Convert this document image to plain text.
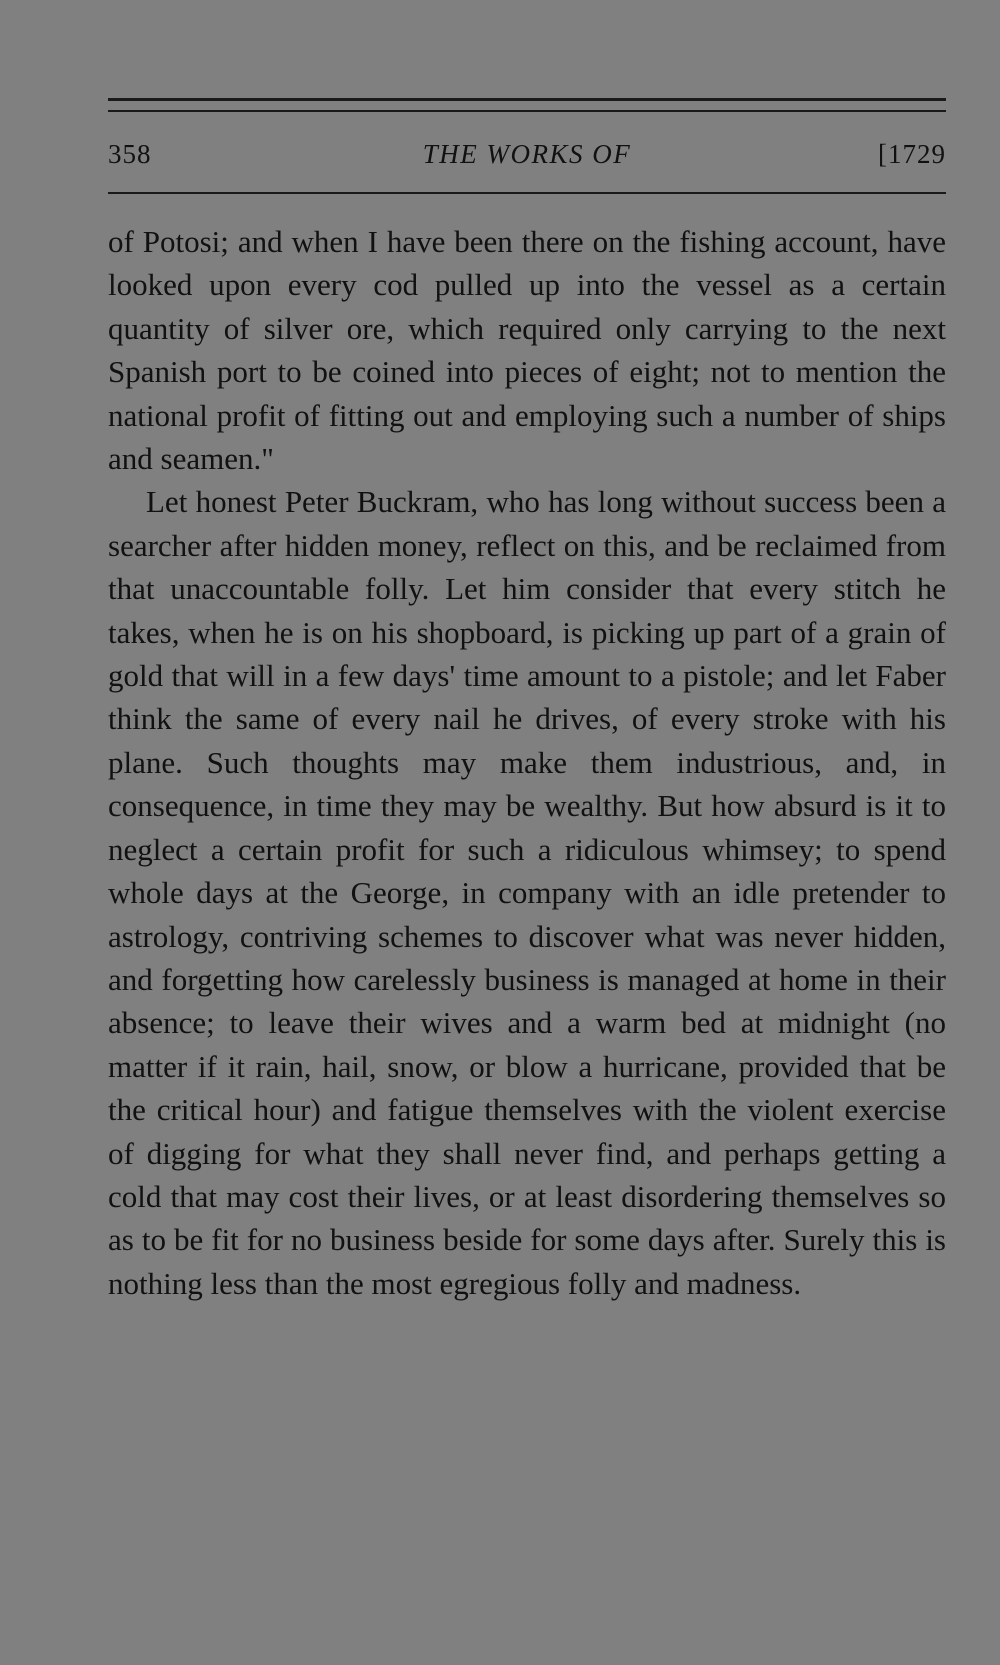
358	THE WORKS OF	[1729

of Potosi; and when I have been there on the fishing account, have looked upon every cod pulled up into the vessel as a certain quantity of silver ore, which required only carrying to the next Spanish port to be coined into pieces of eight; not to mention the national profit of fitting out and employing such a number of ships and seamen."

Let honest Peter Buckram, who has long without success been a searcher after hidden money, reflect on this, and be reclaimed from that unaccountable folly. Let him consider that every stitch he takes, when he is on his shopboard, is picking up part of a grain of gold that will in a few days' time amount to a pistole; and let Faber think the same of every nail he drives, of every stroke with his plane. Such thoughts may make them industrious, and, in consequence, in time they may be wealthy. But how absurd is it to neglect a certain profit for such a ridiculous whimsey; to spend whole days at the George, in company with an idle pretender to astrology, contriving schemes to discover what was never hidden, and forgetting how carelessly business is managed at home in their absence; to leave their wives and a warm bed at midnight (no matter if it rain, hail, snow, or blow a hurricane, provided that be the critical hour) and fatigue themselves with the violent exercise of digging for what they shall never find, and perhaps getting a cold that may cost their lives, or at least disordering themselves so as to be fit for no business beside for some days after. Surely this is nothing less than the most egregious folly and madness.
